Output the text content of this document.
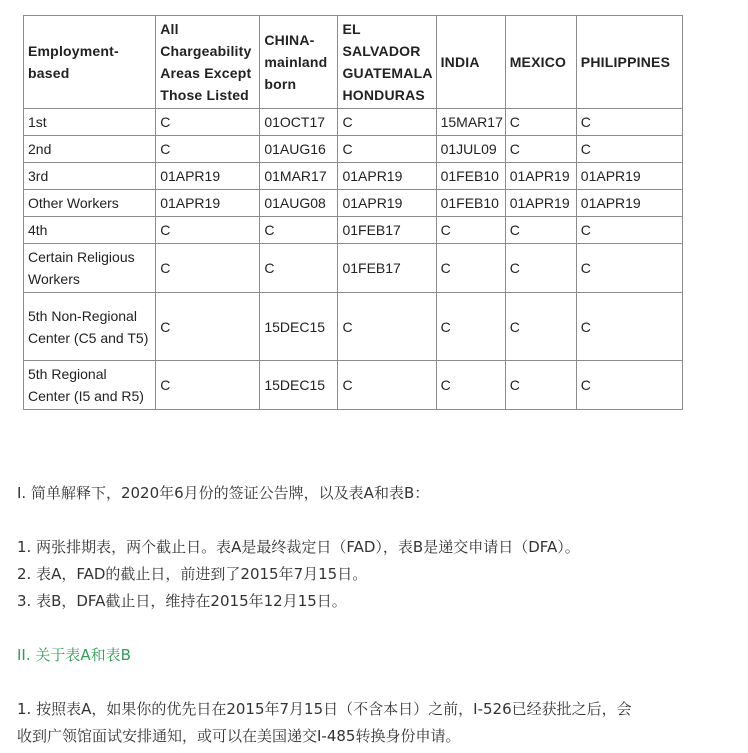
Employment-
based	All Chargeability Areas Except Those Listed	CHINA-mainland born	EL SALVADOR GUATEMALA HONDURAS	INDIA	MEXICO	PHILIPPINES
1st	C	01OCT17	C	15MAR17	C	C
2nd	C	01AUG16	C	01JUL09	C	C
3rd	01APR19	01MAR17	01APR19	01FEB10	01APR19	01APR19
Other Workers	01APR19	01AUG08	01APR19	01FEB10	01APR19	01APR19
4th	C	C	01FEB17	C	C	C
Certain Religious Workers	C	C	01FEB17	C	C	C
5th Non-Regional Center (C5 and T5)	C	15DEC15	C	C	C	C
5th Regional Center (I5 and R5)	C	15DEC15	C	C	C	C
I. 简单解释下，2020年6月份的签证公告牌，以及表A和表B：
1. 两张排期表，两个截止日。表A是最终裁定日（FAD），表B是递交申请日（DFA）。
2. 表A，FAD的截止日，前进到了2015年7月15日。
3. 表B，DFA截止日，维持在2015年12月15日。
II. 关于表A和表B
1. 按照表A，如果你的优先日在2015年7月15日（不含本日）之前，I-526已经获批之后，会
收到广领馆面试安排通知，或可以在美国递交I-485转换身份申请。
